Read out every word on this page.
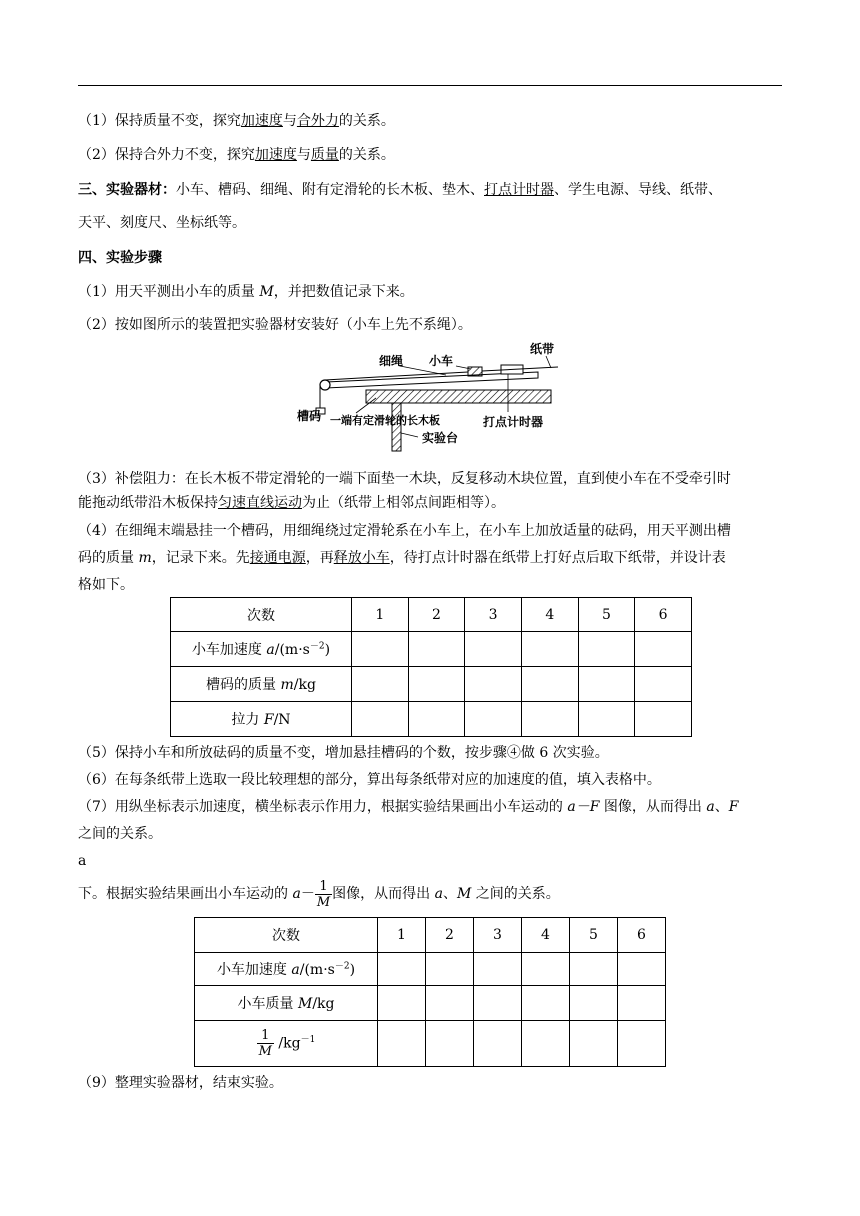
（1）保持质量不变，探究加速度与合外力的关系。
（2）保持合外力不变，探究加速度与质量的关系。
三、实验器材：小车、槽码、细绳、附有定滑轮的长木板、垫木、打点计时器、学生电源、导线、纸带、
天平、刻度尺、坐标纸等。
四、实验步骤
（1）用天平测出小车的质量 M，并把数值记录下来。
（2）按如图所示的装置把实验器材安装好（小车上先不系绳）。
细绳 小车
纸带
槽码	打点计时器
实验台
一端有定滑轮的长木板
（3）补偿阻力：在长木板不带定滑轮的一端下面垫一木块，反复移动木块位置，直到使小车在不受牵引时
能拖动纸带沿木板保持匀速直线运动为止（纸带上相邻点间距相等）。
（4）在细绳末端悬挂一个槽码，用细绳绕过定滑轮系在小车上，在小车上加放适量的砝码，用天平测出槽
码的质量 m，记录下来。先接通电源，再释放小车，待打点计时器在纸带上打好点后取下纸带，并设计表
格如下。
次数	1	2	3	4	5	6
小车加速度 $a/(m\cdot s^{-2})$						
槽码的质量 m/kg						
拉力 F/N						
（5）保持小车和所放砝码的质量不变，增加悬挂槽码的个数，按步骤④做 6 次实验。
（6）在每条纸带上选取一段比较理想的部分，算出每条纸带对应的加速度的值，填入表格中。
（7）用纵坐标表示加速度，横坐标表示作用力，根据实验结果画出小车运动的 a－F 图像，从而得出 a、F
之间的关系。
a
下。根据实验结果画出小车运动的 $a- \frac{1}{M}$ 图像，从而得出 a、M 之间的关系。
次数	1	2	3	4	5	6
小车加速度 $a/(m\cdot s^{-2})$						
小车质量 M/kg						

$\frac{1}{M} /kg^{-1}$						
（9）整理实验器材，结束实验。
